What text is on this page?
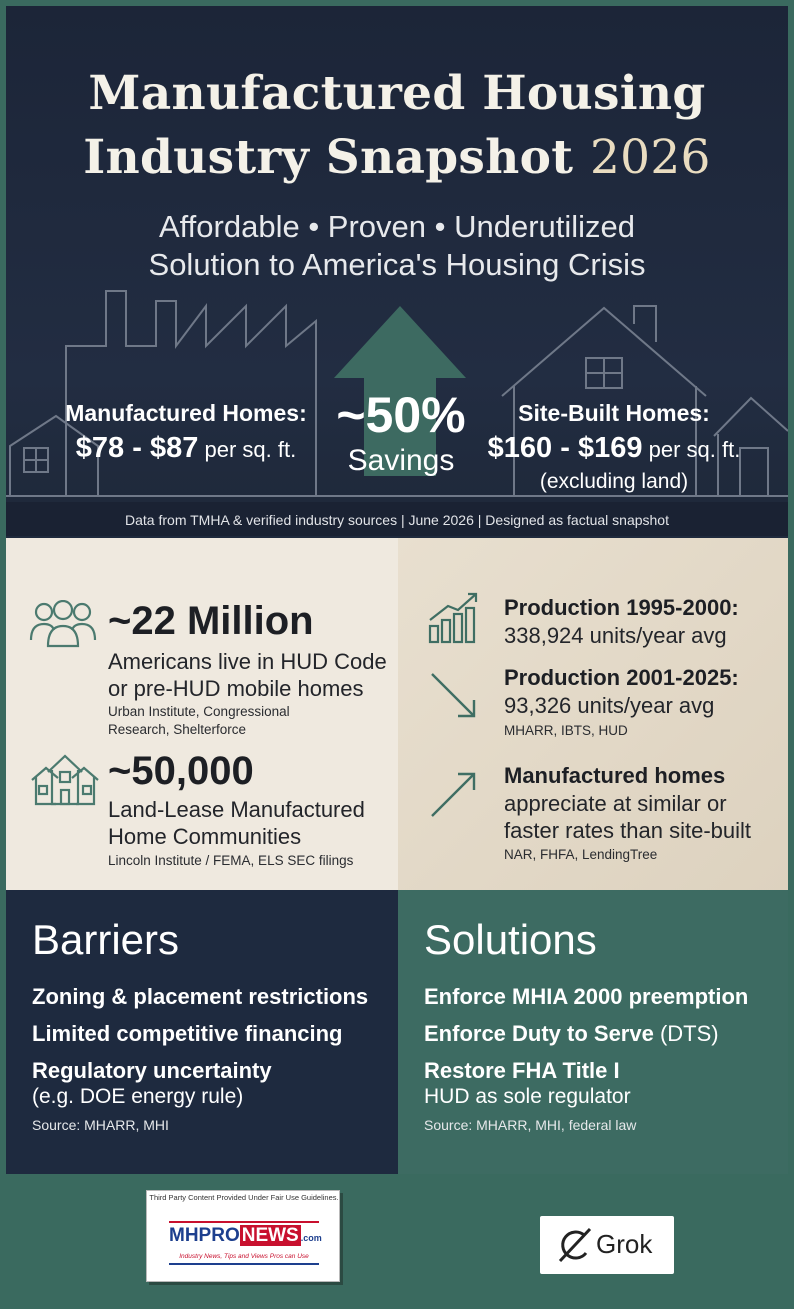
Manufactured Housing
Industry Snapshot 2026
Affordable • Proven • Underutilized
Solution to America's Housing Crisis
Manufactured Homes:
$78 - $87 per sq. ft.
~50%
Savings
Site-Built Homes:
$160 - $169 per sq. ft.
(excluding land)
Data from TMHA & verified industry sources | June 2026 | Designed as factual snapshot
~22 Million
Americans live in HUD Code
or pre-HUD mobile homes
Urban Institute, Congressional
Research, Shelterforce
~50,000
Land-Lease Manufactured
Home Communities
Lincoln Institute / FEMA, ELS SEC filings
Production 1995-2000:
338,924 units/year avg
Production 2001-2025:
93,326 units/year avg
MHARR, IBTS, HUD
Manufactured homes
appreciate at similar or
faster rates than site-built
NAR, FHFA, LendingTree
Barriers
Zoning & placement restrictions
Limited competitive financing
Regulatory uncertainty
(e.g. DOE energy rule)
Source: MHARR, MHI
Solutions
Enforce MHIA 2000 preemption
Enforce Duty to Serve (DTS)
Restore FHA Title I
HUD as sole regulator
Source: MHARR, MHI, federal law
Third Party Content Provided Under Fair Use Guidelines.
MHPRO NEWS .com
Industry News, Tips and Views Pros can Use	Grok
